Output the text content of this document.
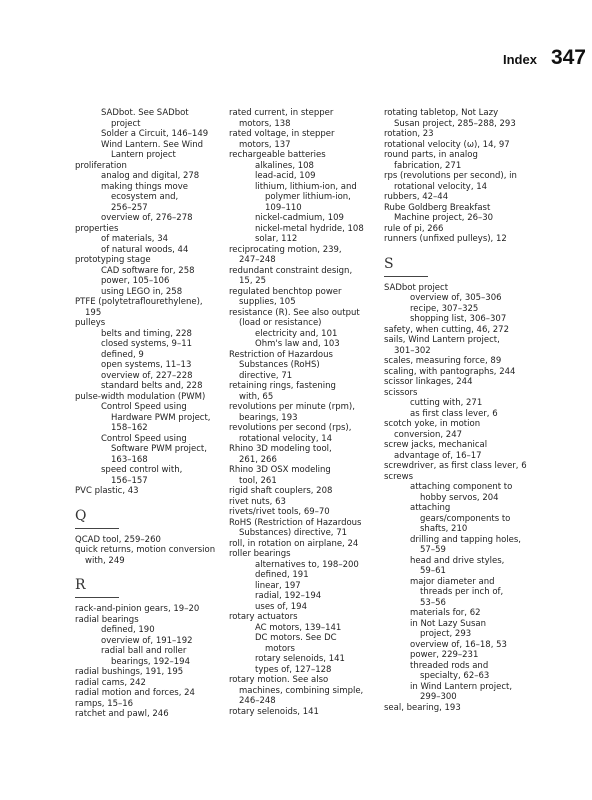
Index 347
SADbot. See SADbot
project
Solder a Circuit, 146–149
Wind Lantern. See Wind
Lantern project
proliferation
analog and digital, 278
making things move
ecosystem and,
256–257
overview of, 276–278
properties
of materials, 34
of natural woods, 44
prototyping stage
CAD software for, 258
power, 105–106
using LEGO in, 258
PTFE (polytetraflourethylene),
195
pulleys
belts and timing, 228
closed systems, 9–11
defined, 9
open systems, 11–13
overview of, 227–228
standard belts and, 228
pulse-width modulation (PWM)
Control Speed using
Hardware PWM project,
158–162
Control Speed using
Software PWM project,
163–168
speed control with,
156–157
PVC plastic, 43
Q
QCAD tool, 259–260
quick returns, motion conversion
with, 249
R
rack-and-pinion gears, 19–20
radial bearings
defined, 190
overview of, 191–192
radial ball and roller
bearings, 192–194
radial bushings, 191, 195
radial cams, 242
radial motion and forces, 24
ramps, 15–16
ratchet and pawl, 246
rated current, in stepper
motors, 138
rated voltage, in stepper
motors, 137
rechargeable batteries
alkalines, 108
lead-acid, 109
lithium, lithium-ion, and
polymer lithium-ion,
109–110
nickel-cadmium, 109
nickel-metal hydride, 108
solar, 112
reciprocating motion, 239,
247–248
redundant constraint design,
15, 25
regulated benchtop power
supplies, 105
resistance (R). See also output
(load or resistance)
electricity and, 101
Ohm's law and, 103
Restriction of Hazardous
Substances (RoHS)
directive, 71
retaining rings, fastening
with, 65
revolutions per minute (rpm),
bearings, 193
revolutions per second (rps),
rotational velocity, 14
Rhino 3D modeling tool,
261, 266
Rhino 3D OSX modeling
tool, 261
rigid shaft couplers, 208
rivet nuts, 63
rivets/rivet tools, 69–70
RoHS (Restriction of Hazardous
Substances) directive, 71
roll, in rotation on airplane, 24
roller bearings
alternatives to, 198–200
defined, 191
linear, 197
radial, 192–194
uses of, 194
rotary actuators
AC motors, 139–141
DC motors. See DC
motors
rotary selenoids, 141
types of, 127–128
rotary motion. See also
machines, combining simple,
246–248
rotary selenoids, 141
rotating tabletop, Not Lazy
Susan project, 285–288, 293
rotation, 23
rotational velocity (ω), 14, 97
round parts, in analog
fabrication, 271
rps (revolutions per second), in
rotational velocity, 14
rubbers, 42–44
Rube Goldberg Breakfast
Machine project, 26–30
rule of pi, 266
runners (unfixed pulleys), 12
S
SADbot project
overview of, 305–306
recipe, 307–325
shopping list, 306–307
safety, when cutting, 46, 272
sails, Wind Lantern project,
301–302
scales, measuring force, 89
scaling, with pantographs, 244
scissor linkages, 244
scissors
cutting with, 271
as first class lever, 6
scotch yoke, in motion
conversion, 247
screw jacks, mechanical
advantage of, 16–17
screwdriver, as first class lever, 6
screws
attaching component to
hobby servos, 204
attaching
gears/components to
shafts, 210
drilling and tapping holes,
57–59
head and drive styles,
59–61
major diameter and
threads per inch of,
53–56
materials for, 62
in Not Lazy Susan
project, 293
overview of, 16–18, 53
power, 229–231
threaded rods and
specialty, 62–63
in Wind Lantern project,
299–300
seal, bearing, 193
